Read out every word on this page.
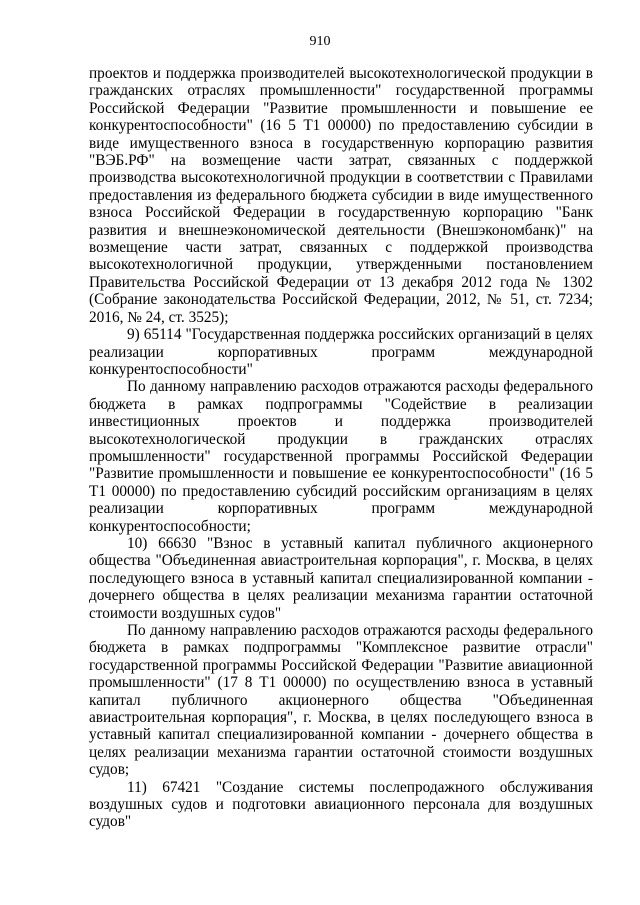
910

проектов и поддержка производителей высокотехнологической продукции в гражданских отраслях промышленности" государственной программы Российской Федерации "Развитие промышленности и повышение ее конкурентоспособности" (16 5 Т1 00000) по предоставлению субсидии в виде имущественного взноса в государственную корпорацию развития "ВЭБ.РФ" на возмещение части затрат, связанных с поддержкой производства высокотехнологичной продукции в соответствии с Правилами предоставления из федерального бюджета субсидии в виде имущественного взноса Российской Федерации в государственную корпорацию "Банк развития и внешнеэкономической деятельности (Внешэкономбанк)" на возмещение части затрат, связанных с поддержкой производства высокотехнологичной продукции, утвержденными постановлением Правительства Российской Федерации от 13 декабря 2012 года № 1302 (Собрание законодательства Российской Федерации, 2012, № 51, ст. 7234; 2016, № 24, ст. 3525);

9) 65114 "Государственная поддержка российских организаций в целях реализации корпоративных программ международной конкурентоспособности"

По данному направлению расходов отражаются расходы федерального бюджета в рамках подпрограммы "Содействие в реализации инвестиционных проектов и поддержка производителей высокотехнологической продукции в гражданских отраслях промышленности" государственной программы Российской Федерации "Развитие промышленности и повышение ее конкурентоспособности" (16 5 Т1 00000) по предоставлению субсидий российским организациям в целях реализации корпоративных программ международной конкурентоспособности;

10) 66630 "Взнос в уставный капитал публичного акционерного общества "Объединенная авиастроительная корпорация", г. Москва, в целях последующего взноса в уставный капитал специализированной компании - дочернего общества в целях реализации механизма гарантии остаточной стоимости воздушных судов"

По данному направлению расходов отражаются расходы федерального бюджета в рамках подпрограммы "Комплексное развитие отрасли" государственной программы Российской Федерации "Развитие авиационной промышленности" (17 8 Т1 00000) по осуществлению взноса в уставный капитал публичного акционерного общества "Объединенная авиастроительная корпорация", г. Москва, в целях последующего взноса в уставный капитал специализированной компании - дочернего общества в целях реализации механизма гарантии остаточной стоимости воздушных судов;

11) 67421 "Создание системы послепродажного обслуживания воздушных судов и подготовки авиационного персонала для воздушных судов"
